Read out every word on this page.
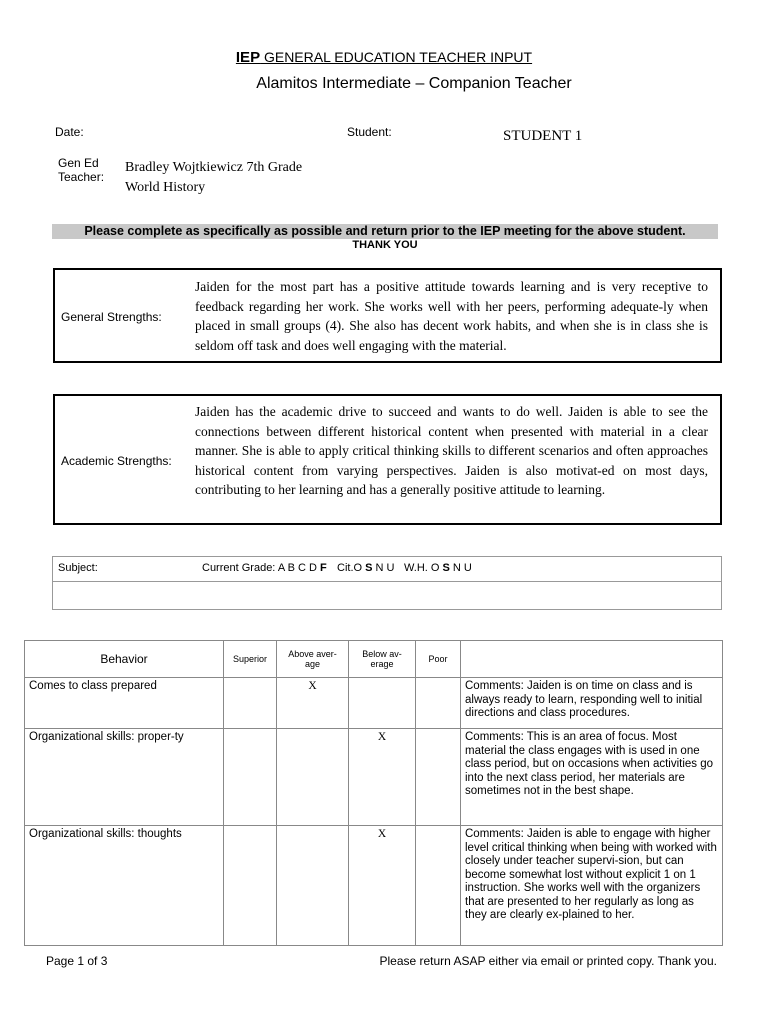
IEP GENERAL EDUCATION TEACHER INPUT
Alamitos Intermediate – Companion Teacher
Date:	Student:	STUDENT 1
Gen Ed
Teacher:
Bradley Wojtkiewicz 7th Grade
World History
Please complete as specifically as possible and return prior to the IEP meeting for the above student.
THANK YOU
General Strengths:
Jaiden for the most part has a positive attitude towards learning and is very receptive to feedback regarding her work. She works well with her peers, performing adequate-ly when placed in small groups (4). She also has decent work habits, and when she is in class she is seldom off task and does well engaging with the material.
Academic Strengths:
Jaiden has the academic drive to succeed and wants to do well. Jaiden is able to see the connections between different historical content when presented with material in a clear manner. She is able to apply critical thinking skills to different scenarios and often approaches historical content from varying perspectives. Jaiden is also motivat-ed on most days, contributing to her learning and has a generally positive attitude to learning.
Subject:	Current Grade: A B C D F Cit.O S N U W.H. O S N U
Behavior	Superior	Above aver-age	Below av-erage	Poor	
Comes to class prepared		X			Comments: Jaiden is on time on class and is always ready to learn, responding well to initial directions and class procedures.
Organizational skills: proper-ty			X		Comments: This is an area of focus. Most material the class engages with is used in one class period, but on occasions when activities go into the next class period, her materials are sometimes not in the best shape.
Organizational skills: thoughts			X		Comments: Jaiden is able to engage with higher level critical thinking when being with worked with closely under teacher supervi-sion, but can become somewhat lost without explicit 1 on 1 instruction. She works well with the organizers that are presented to her regularly as long as they are clearly ex-plained to her.
Page 1 of 3	Please return ASAP either via email or printed copy. Thank you.
